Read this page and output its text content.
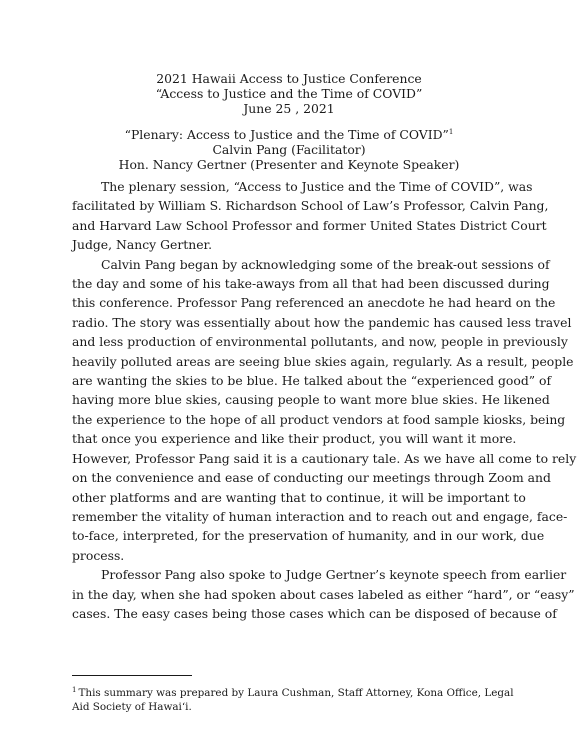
2021 Hawaii Access to Justice Conference
“Access to Justice and the Time of COVID”
June 25 , 2021
“Plenary: Access to Justice and the Time of COVID”$^1$
Calvin Pang (Facilitator)
Hon. Nancy Gertner (Presenter and Keynote Speaker)

The plenary session, “Access to Justice and the Time of COVID”, was
facilitated by William S. Richardson School of Law’s Professor, Calvin Pang,
and Harvard Law School Professor and former United States District Court
Judge, Nancy Gertner.

Calvin Pang began by acknowledging some of the break-out sessions of
the day and some of his take-aways from all that had been discussed during
this conference. Professor Pang referenced an anecdote he had heard on the
radio. The story was essentially about how the pandemic has caused less travel
and less production of environmental pollutants, and now, people in previously
heavily polluted areas are seeing blue skies again, regularly. As a result, people
are wanting the skies to be blue. He talked about the “experienced good” of
having more blue skies, causing people to want more blue skies. He likened
the experience to the hope of all product vendors at food sample kiosks, being
that once you experience and like their product, you will want it more.
However, Professor Pang said it is a cautionary tale. As we have all come to rely
on the convenience and ease of conducting our meetings through Zoom and
other platforms and are wanting that to continue, it will be important to
remember the vitality of human interaction and to reach out and engage, face-
to-face, interpreted, for the preservation of humanity, and in our work, due
process.

Professor Pang also spoke to Judge Gertner’s keynote speech from earlier
in the day, when she had spoken about cases labeled as either “hard”, or “easy”
cases. The easy cases being those cases which can be disposed of because of

$^1$ This summary was prepared by Laura Cushman, Staff Attorney, Kona Office, Legal
Aid Society of Hawaiʻi.
